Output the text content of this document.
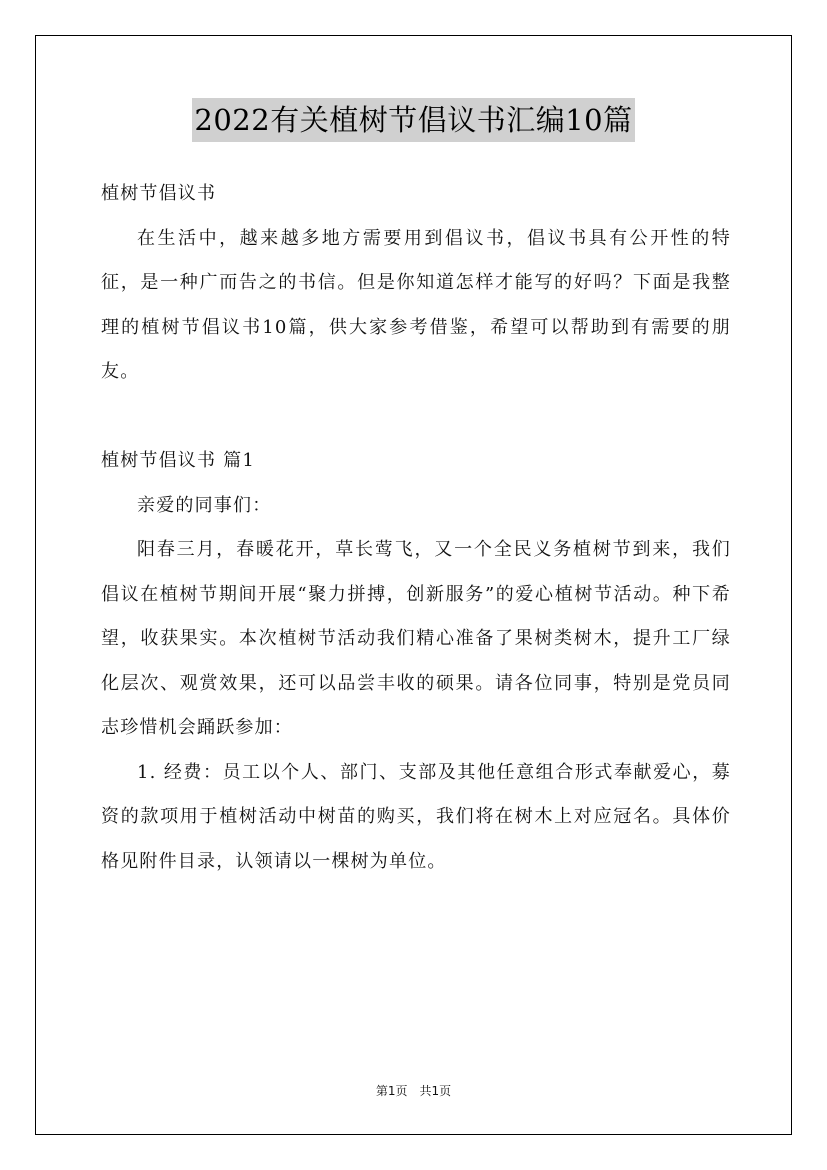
2022有关植树节倡议书汇编10篇

植树节倡议书

在生活中，越来越多地方需要用到倡议书，倡议书具有公开性的特征，是一种广而告之的书信。但是你知道怎样才能写的好吗？下面是我整理的植树节倡议书10篇，供大家参考借鉴，希望可以帮助到有需要的朋友。

植树节倡议书 篇1

亲爱的同事们：

阳春三月，春暖花开，草长莺飞，又一个全民义务植树节到来，我们倡议在植树节期间开展“聚力拼搏，创新服务”的爱心植树节活动。种下希望，收获果实。本次植树节活动我们精心准备了果树类树木，提升工厂绿化层次、观赏效果，还可以品尝丰收的硕果。请各位同事，特别是党员同志珍惜机会踊跃参加：

1. 经费：员工以个人、部门、支部及其他任意组合形式奉献爱心，募资的款项用于植树活动中树苗的购买，我们将在树木上对应冠名。具体价格见附件目录，认领请以一棵树为单位。

第1页 共1页
